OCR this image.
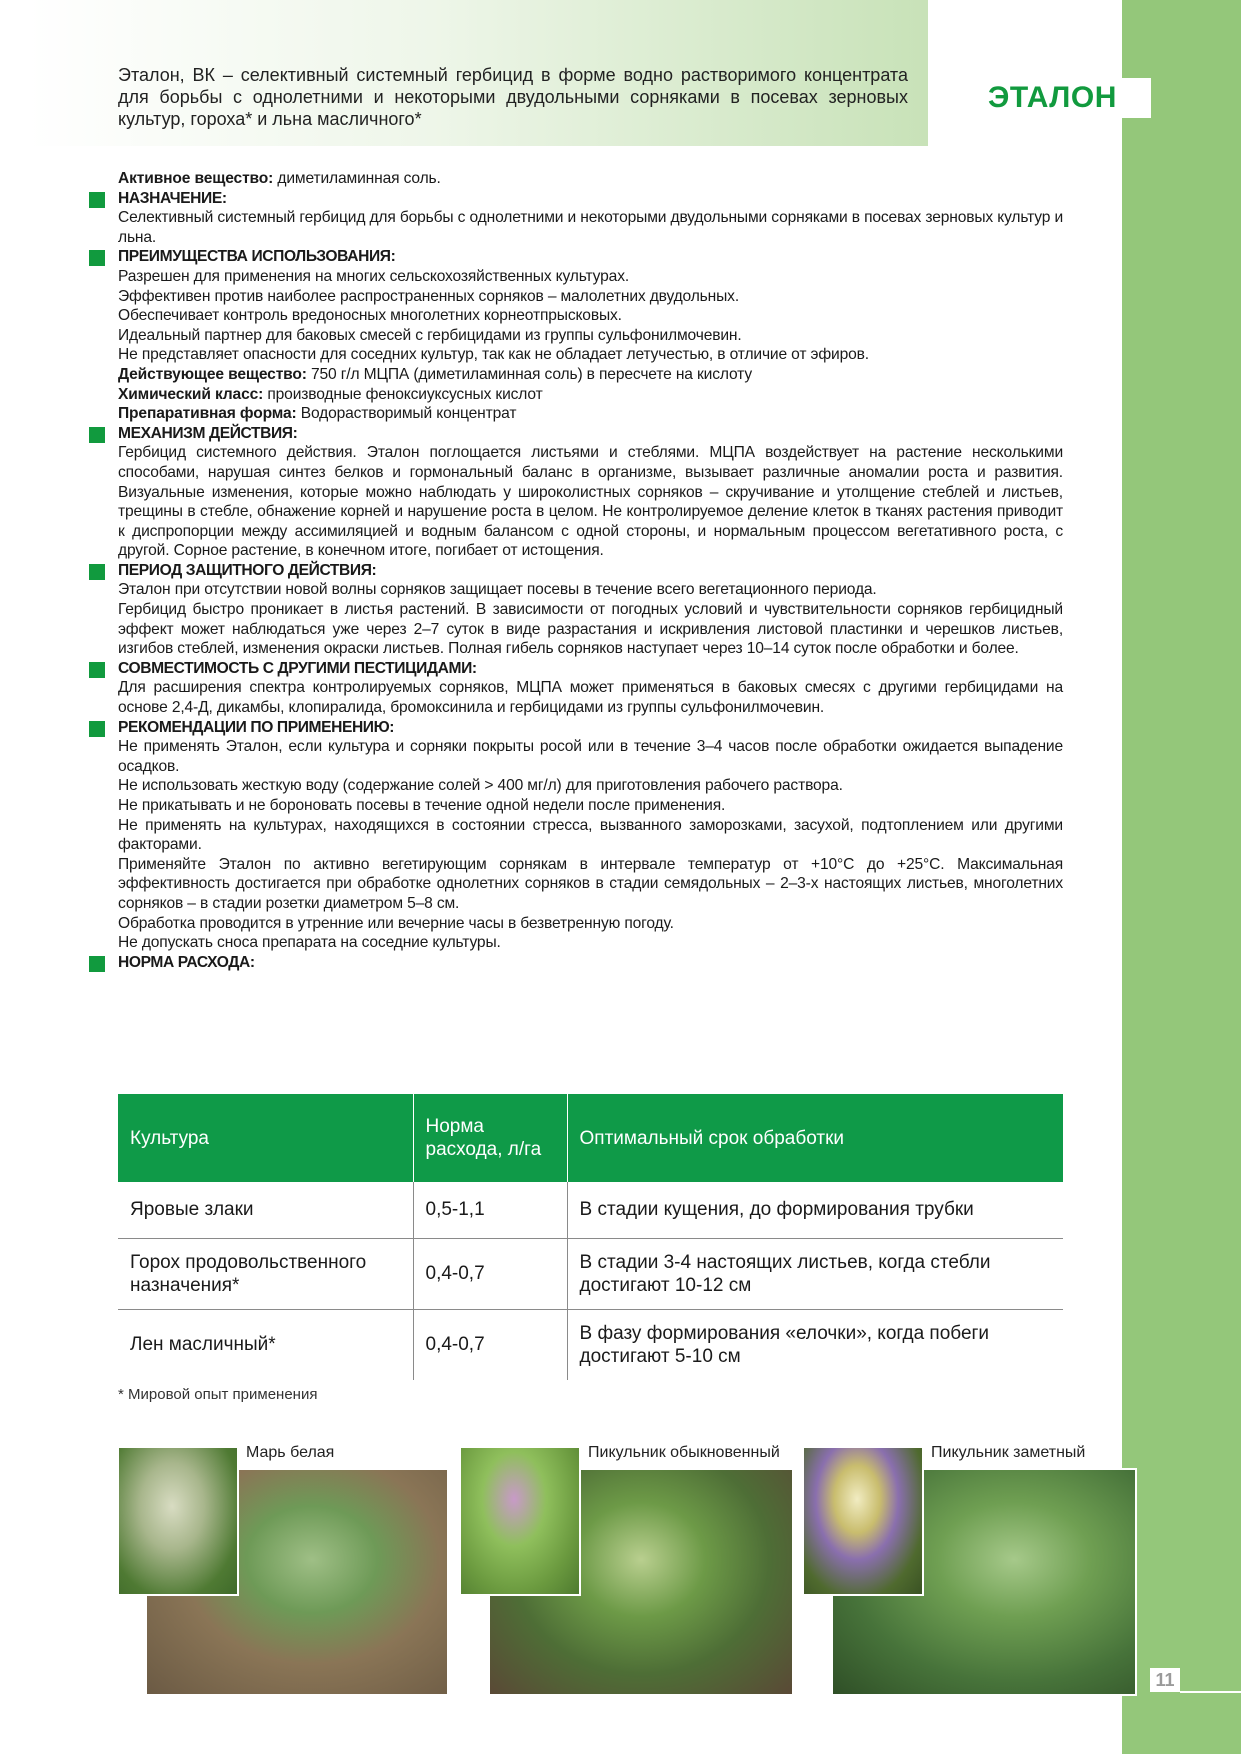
Эталон, ВК – селективный системный гербицид в форме водно растворимого концентрата для борьбы с однолетними и некоторыми двудольными сорняками в посевах зерновых культур, гороха* и льна масличного*
ЭТАЛОН

Активное вещество: диметиламинная соль.

НАЗНАЧЕНИЕ:

Селективный системный гербицид для борьбы с однолетними и некоторыми двудольными сорняками в посевах зерновых культур и льна.

ПРЕИМУЩЕСТВА ИСПОЛЬЗОВАНИЯ:

Разрешен для применения на многих сельскохозяйственных культурах.

Эффективен против наиболее распространенных сорняков – малолетних двудольных.

Обеспечивает контроль вредоносных многолетних корнеотпрысковых.

Идеальный партнер для баковых смесей с гербицидами из группы сульфонилмочевин.

Не представляет опасности для соседних культур, так как не обладает летучестью, в отличие от эфиров.

Действующее вещество: 750 г/л МЦПА (диметиламинная соль) в пересчете на кислоту

Химический класс: производные феноксиуксусных кислот

Препаративная форма: Водорастворимый концентрат

МЕХАНИЗМ ДЕЙСТВИЯ:

Гербицид системного действия. Эталон поглощается листьями и стеблями. МЦПА воздействует на растение несколькими способами, нарушая синтез белков и гормональный баланс в организме, вызывает различные аномалии роста и развития. Визуальные изменения, которые можно наблюдать у широколистных сорняков – скручивание и утолщение стеблей и листьев, трещины в стебле, обнажение корней и нарушение роста в целом. Не контролируемое деление клеток в тканях растения приводит к диспропорции между ассимиляцией и водным балансом с одной стороны, и нормальным процессом вегетативного роста, с другой. Сорное растение, в конечном итоге, погибает от истощения.

ПЕРИОД ЗАЩИТНОГО ДЕЙСТВИЯ:

Эталон при отсутствии новой волны сорняков защищает посевы в течение всего вегетационного периода.

Гербицид быстро проникает в листья растений. В зависимости от погодных условий и чувствительности сорняков гербицидный эффект может наблюдаться уже через 2–7 суток в виде разрастания и искривления листовой пластинки и черешков листьев, изгибов стеблей, изменения окраски листьев. Полная гибель сорняков наступает через 10–14 суток после обработки и более.

СОВМЕСТИМОСТЬ С ДРУГИМИ ПЕСТИЦИДАМИ:

Для расширения спектра контролируемых сорняков, МЦПА может применяться в баковых смесях с другими гербицидами на основе 2,4-Д, дикамбы, клопиралида, бромоксинила и гербицидами из группы сульфонилмочевин.

РЕКОМЕНДАЦИИ ПО ПРИМЕНЕНИЮ:

Не применять Эталон, если культура и сорняки покрыты росой или в течение 3–4 часов после обработки ожидается выпадение осадков.

Не использовать жесткую воду (содержание солей > 400 мг/л) для приготовления рабочего раствора.

Не прикатывать и не бороновать посевы в течение одной недели после применения.

Не применять на культурах, находящихся в состоянии стресса, вызванного заморозками, засухой, подтоплением или другими факторами.

Применяйте Эталон по активно вегетирующим сорнякам в интервале температур от +10°С до +25°С. Максимальная эффективность достигается при обработке однолетних сорняков в стадии семядольных – 2–3-х настоящих листьев, многолетних сорняков – в стадии розетки диаметром 5–8 см.

Обработка проводится в утренние или вечерние часы в безветренную погоду.

Не допускать сноса препарата на соседние культуры.

НОРМА РАСХОДА:

Культура	Норма расхода, л/га	Оптимальный срок обработки
Яровые злаки	0,5-1,1	В стадии кущения, до формирования трубки
Горох продовольственного назначения*	0,4-0,7	В стадии 3-4 настоящих листьев, когда стебли достигают 10-12 см
Лен масличный*	0,4-0,7	В фазу формирования «елочки», когда побеги достигают 5-10 см
* Мировой опыт применения
Марь белая	Пикульник обыкновенный	Пикульник заметный
11
